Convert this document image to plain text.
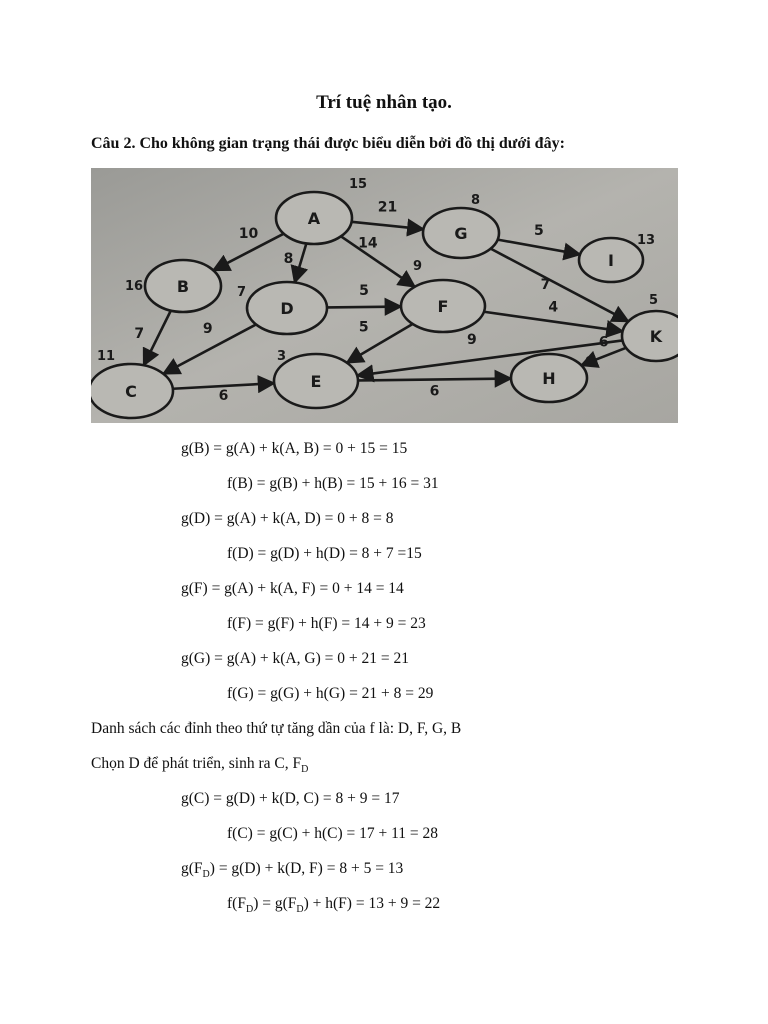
Trí tuệ nhân tạo.
Câu 2. Cho không gian trạng thái được biểu diễn bởi đồ thị dưới đây:
10
8
14
21
7	9
5
5
4
5
7
6	6
9	6
A
15
B
16
C
11
D
7
E
3
F
9
G
8
H
0
I
13
K
5
g(B) = g(A) + k(A, B) = 0 + 15 = 15
f(B) = g(B) + h(B) = 15 + 16 = 31
g(D) = g(A) + k(A, D) = 0 + 8 = 8
f(D) = g(D) + h(D) = 8 + 7 =15
g(F) = g(A) + k(A, F) = 0 + 14 = 14
f(F) = g(F) + h(F) = 14 + 9 = 23
g(G) = g(A) + k(A, G) = 0 + 21 = 21
f(G) = g(G) + h(G) = 21 + 8 = 29
Danh sách các đỉnh theo thứ tự tăng dần của f là: D, F, G, B
Chọn D để phát triển, sinh ra C, $F_D$
g(C) = g(D) + k(D, C) = 8 + 9 = 17
f(C) = g(C) + h(C) = 17 + 11 = 28
$g(F_D) = g(D) + k(D$, F) = 8 + 5 = 13
$f(F_D) = g(F_D) + h(F) = 13 + 9 = 22$
